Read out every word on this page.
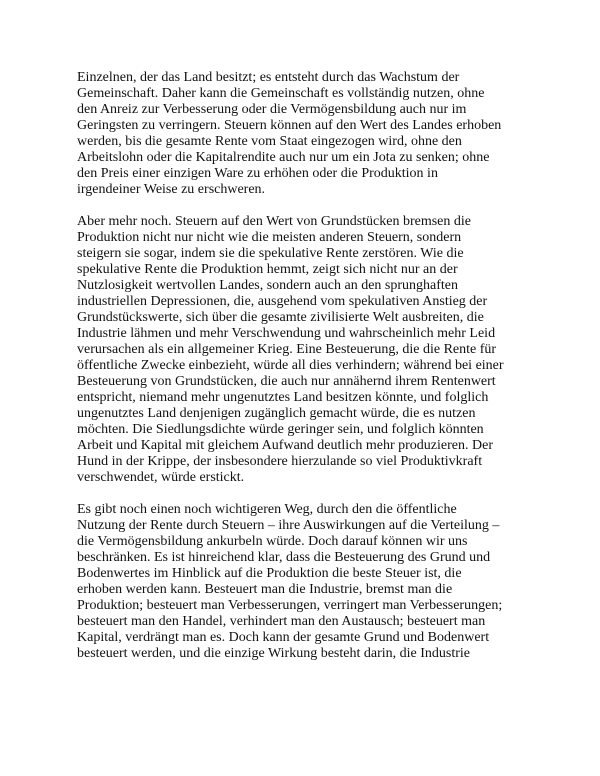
Einzelnen, der das Land besitzt; es entsteht durch das Wachstum der
Gemeinschaft. Daher kann die Gemeinschaft es vollständig nutzen, ohne
den Anreiz zur Verbesserung oder die Vermögensbildung auch nur im
Geringsten zu verringern. Steuern können auf den Wert des Landes erhoben
werden, bis die gesamte Rente vom Staat eingezogen wird, ohne den
Arbeitslohn oder die Kapitalrendite auch nur um ein Jota zu senken; ohne
den Preis einer einzigen Ware zu erhöhen oder die Produktion in
irgendeiner Weise zu erschweren.
Aber mehr noch. Steuern auf den Wert von Grundstücken bremsen die
Produktion nicht nur nicht wie die meisten anderen Steuern, sondern
steigern sie sogar, indem sie die spekulative Rente zerstören. Wie die
spekulative Rente die Produktion hemmt, zeigt sich nicht nur an der
Nutzlosigkeit wertvollen Landes, sondern auch an den sprunghaften
industriellen Depressionen, die, ausgehend vom spekulativen Anstieg der
Grundstückswerte, sich über die gesamte zivilisierte Welt ausbreiten, die
Industrie lähmen und mehr Verschwendung und wahrscheinlich mehr Leid
verursachen als ein allgemeiner Krieg. Eine Besteuerung, die die Rente für
öffentliche Zwecke einbezieht, würde all dies verhindern; während bei einer
Besteuerung von Grundstücken, die auch nur annähernd ihrem Rentenwert
entspricht, niemand mehr ungenutztes Land besitzen könnte, und folglich
ungenutztes Land denjenigen zugänglich gemacht würde, die es nutzen
möchten. Die Siedlungsdichte würde geringer sein, und folglich könnten
Arbeit und Kapital mit gleichem Aufwand deutlich mehr produzieren. Der
Hund in der Krippe, der insbesondere hierzulande so viel Produktivkraft
verschwendet, würde erstickt.
Es gibt noch einen noch wichtigeren Weg, durch den die öffentliche
Nutzung der Rente durch Steuern – ihre Auswirkungen auf die Verteilung –
die Vermögensbildung ankurbeln würde. Doch darauf können wir uns
beschränken. Es ist hinreichend klar, dass die Besteuerung des Grund und
Bodenwertes im Hinblick auf die Produktion die beste Steuer ist, die
erhoben werden kann. Besteuert man die Industrie, bremst man die
Produktion; besteuert man Verbesserungen, verringert man Verbesserungen;
besteuert man den Handel, verhindert man den Austausch; besteuert man
Kapital, verdrängt man es. Doch kann der gesamte Grund und Bodenwert
besteuert werden, und die einzige Wirkung besteht darin, die Industrie
